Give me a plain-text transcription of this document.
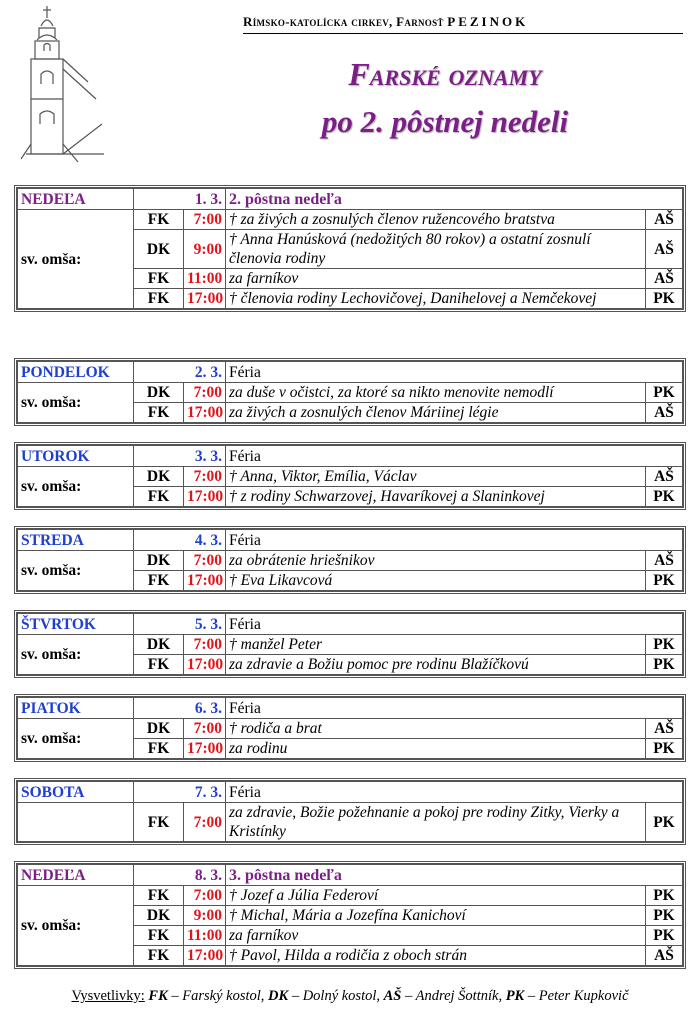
Rímsko-katolícka cirkev, Farnosť PEZINOK
Farské oznamy
po 2. pôstnej nedeli
NEDEĽA	1. 3.		2. pôstna nedeľa	
sv. omša:	FK	7:00	† za živých a zosnulých členov ružencového bratstva	AŠ
	DK	9:00	† Anna Hanúsková (nedožitých 80 rokov) a ostatní zosnulí členovia rodiny	AŠ
	FK	11:00	za farníkov	AŠ
	FK	17:00	† členovia rodiny Lechovičovej, Danihelovej a Nemčekovej	PK
PONDELOK	2. 3.		Féria	
sv. omša:	DK	7:00	za duše v očistci, za ktoré sa nikto menovite nemodlí	PK
	FK	17:00	za živých a zosnulých členov Máriinej légie	AŠ
UTOROK	3. 3.		Féria	
sv. omša:	DK	7:00	† Anna, Viktor, Emília, Václav	AŠ
	FK	17:00	† z rodiny Schwarzovej, Havaríkovej a Slaninkovej	PK
STREDA	4. 3.		Féria	
sv. omša:	DK	7:00	za obrátenie hriešnikov	AŠ
	FK	17:00	† Eva Likavcová	PK
ŠTVRTOK	5. 3.		Féria	
sv. omša:	DK	7:00	† manžel Peter	PK
	FK	17:00	za zdravie a Božiu pomoc pre rodinu Blažíčkovú	PK
PIATOK	6. 3.		Féria	
sv. omša:	DK	7:00	† rodiča a brat	AŠ
	FK	17:00	za rodinu	PK
SOBOTA	7. 3.		Féria	
	FK	7:00	za zdravie, Božie požehnanie a pokoj pre rodiny Zitky, Vierky a Kristínky	PK
NEDEĽA	8. 3.		3. pôstna nedeľa	
sv. omša:	FK	7:00	† Jozef a Júlia Federoví	PK
	DK	9:00	† Michal, Mária a Jozefína Kanichoví	PK
	FK	11:00	za farníkov	PK
	FK	17:00	† Pavol, Hilda a rodičia z oboch strán	AŠ
Vysvetlivky: FK – Farský kostol, DK – Dolný kostol, AŠ – Andrej Šottník, PK – Peter Kupkovič
